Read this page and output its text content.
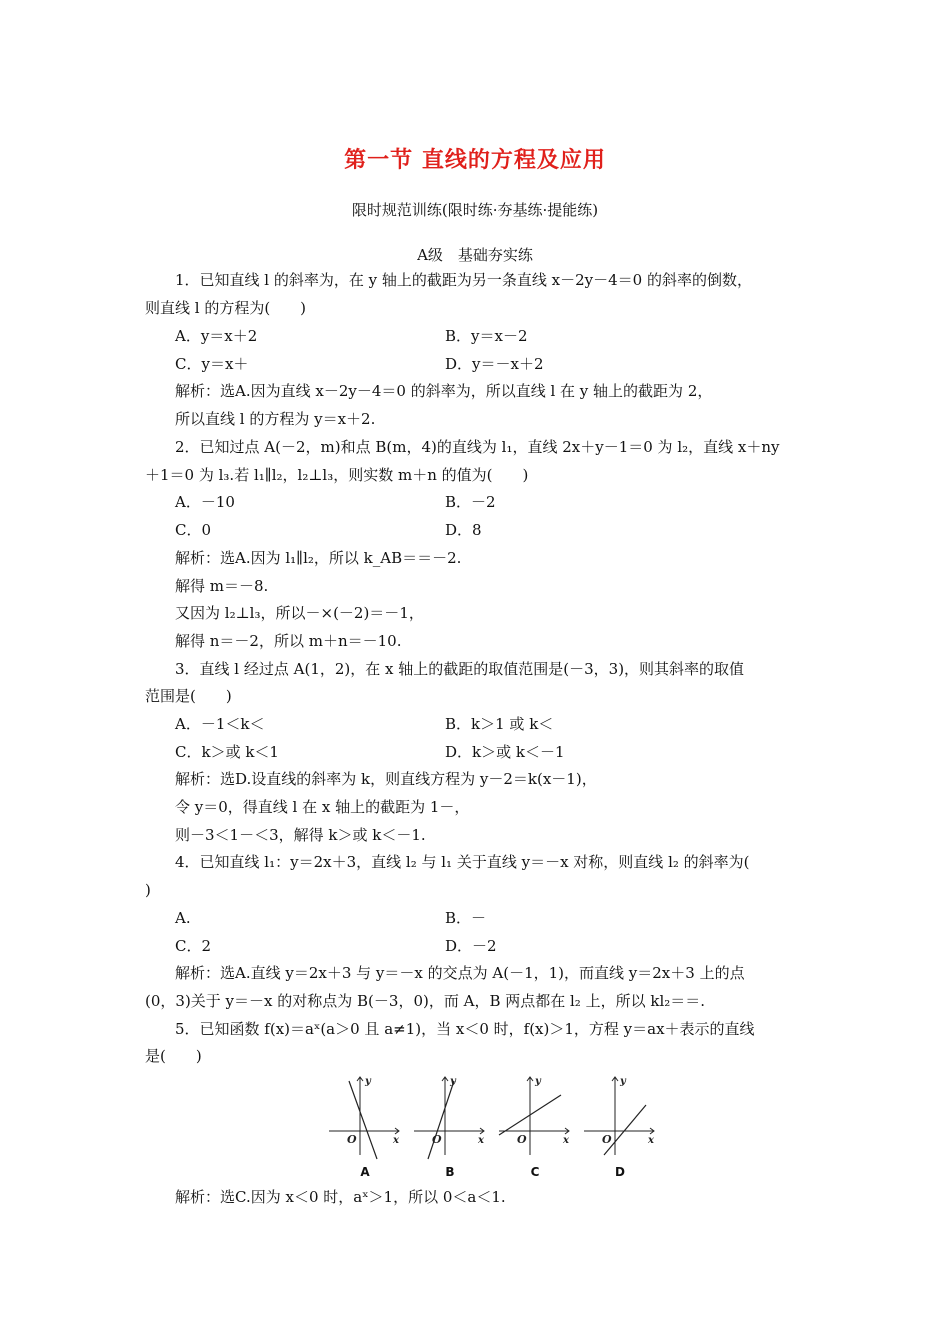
第一节 直线的方程及应用
限时规范训练(限时练·夯基练·提能练)
A级　基础夯实练
1．已知直线 l 的斜率为，在 y 轴上的截距为另一条直线 x－2y－4＝0 的斜率的倒数，
则直线 l 的方程为(　　)
A．y＝x＋2	B．y＝x－2
C．y＝x＋	D．y＝－x＋2
解析：选A.因为直线 x－2y－4＝0 的斜率为，所以直线 l 在 y 轴上的截距为 2，
所以直线 l 的方程为 y＝x＋2.
2．已知过点 A(－2，m)和点 B(m，4)的直线为 l₁，直线 2x＋y－1＝0 为 l₂，直线 x＋ny
＋1＝0 为 l₃.若 l₁∥l₂，l₂⊥l₃，则实数 m＋n 的值为(　　)
A．－10	B．－2
C．0	D．8
解析：选A.因为 l₁∥l₂，所以 k_AB＝＝－2.
解得 m＝－8.
又因为 l₂⊥l₃，所以－×(－2)＝－1，
解得 n＝－2，所以 m＋n＝－10.
3．直线 l 经过点 A(1，2)，在 x 轴上的截距的取值范围是(－3，3)，则其斜率的取值
范围是(　　)
A．－1＜k＜	B．k＞1 或 k＜
C．k＞或 k＜1	D．k＞或 k＜－1
解析：选D.设直线的斜率为 k，则直线方程为 y－2＝k(x－1)，
令 y＝0，得直线 l 在 x 轴上的截距为 1－，
则－3＜1－＜3，解得 k＞或 k＜－1.
4．已知直线 l₁：y＝2x＋3，直线 l₂ 与 l₁ 关于直线 y＝－x 对称，则直线 l₂ 的斜率为(
)
A.	B．－
C．2	D．－2
解析：选A.直线 y＝2x＋3 与 y＝－x 的交点为 A(－1，1)，而直线 y＝2x＋3 上的点
(0，3)关于 y＝－x 的对称点为 B(－3，0)，而 A，B 两点都在 l₂ 上，所以 kl₂＝＝.
5．已知函数 f(x)＝aˣ(a＞0 且 a≠1)，当 x＜0 时，f(x)＞1，方程 y＝ax＋表示的直线
是(　　)
y
x
O
A
y
x
O
B
y
x
O
C
y
x
O
D
解析：选C.因为 x＜0 时，aˣ＞1，所以 0＜a＜1.
